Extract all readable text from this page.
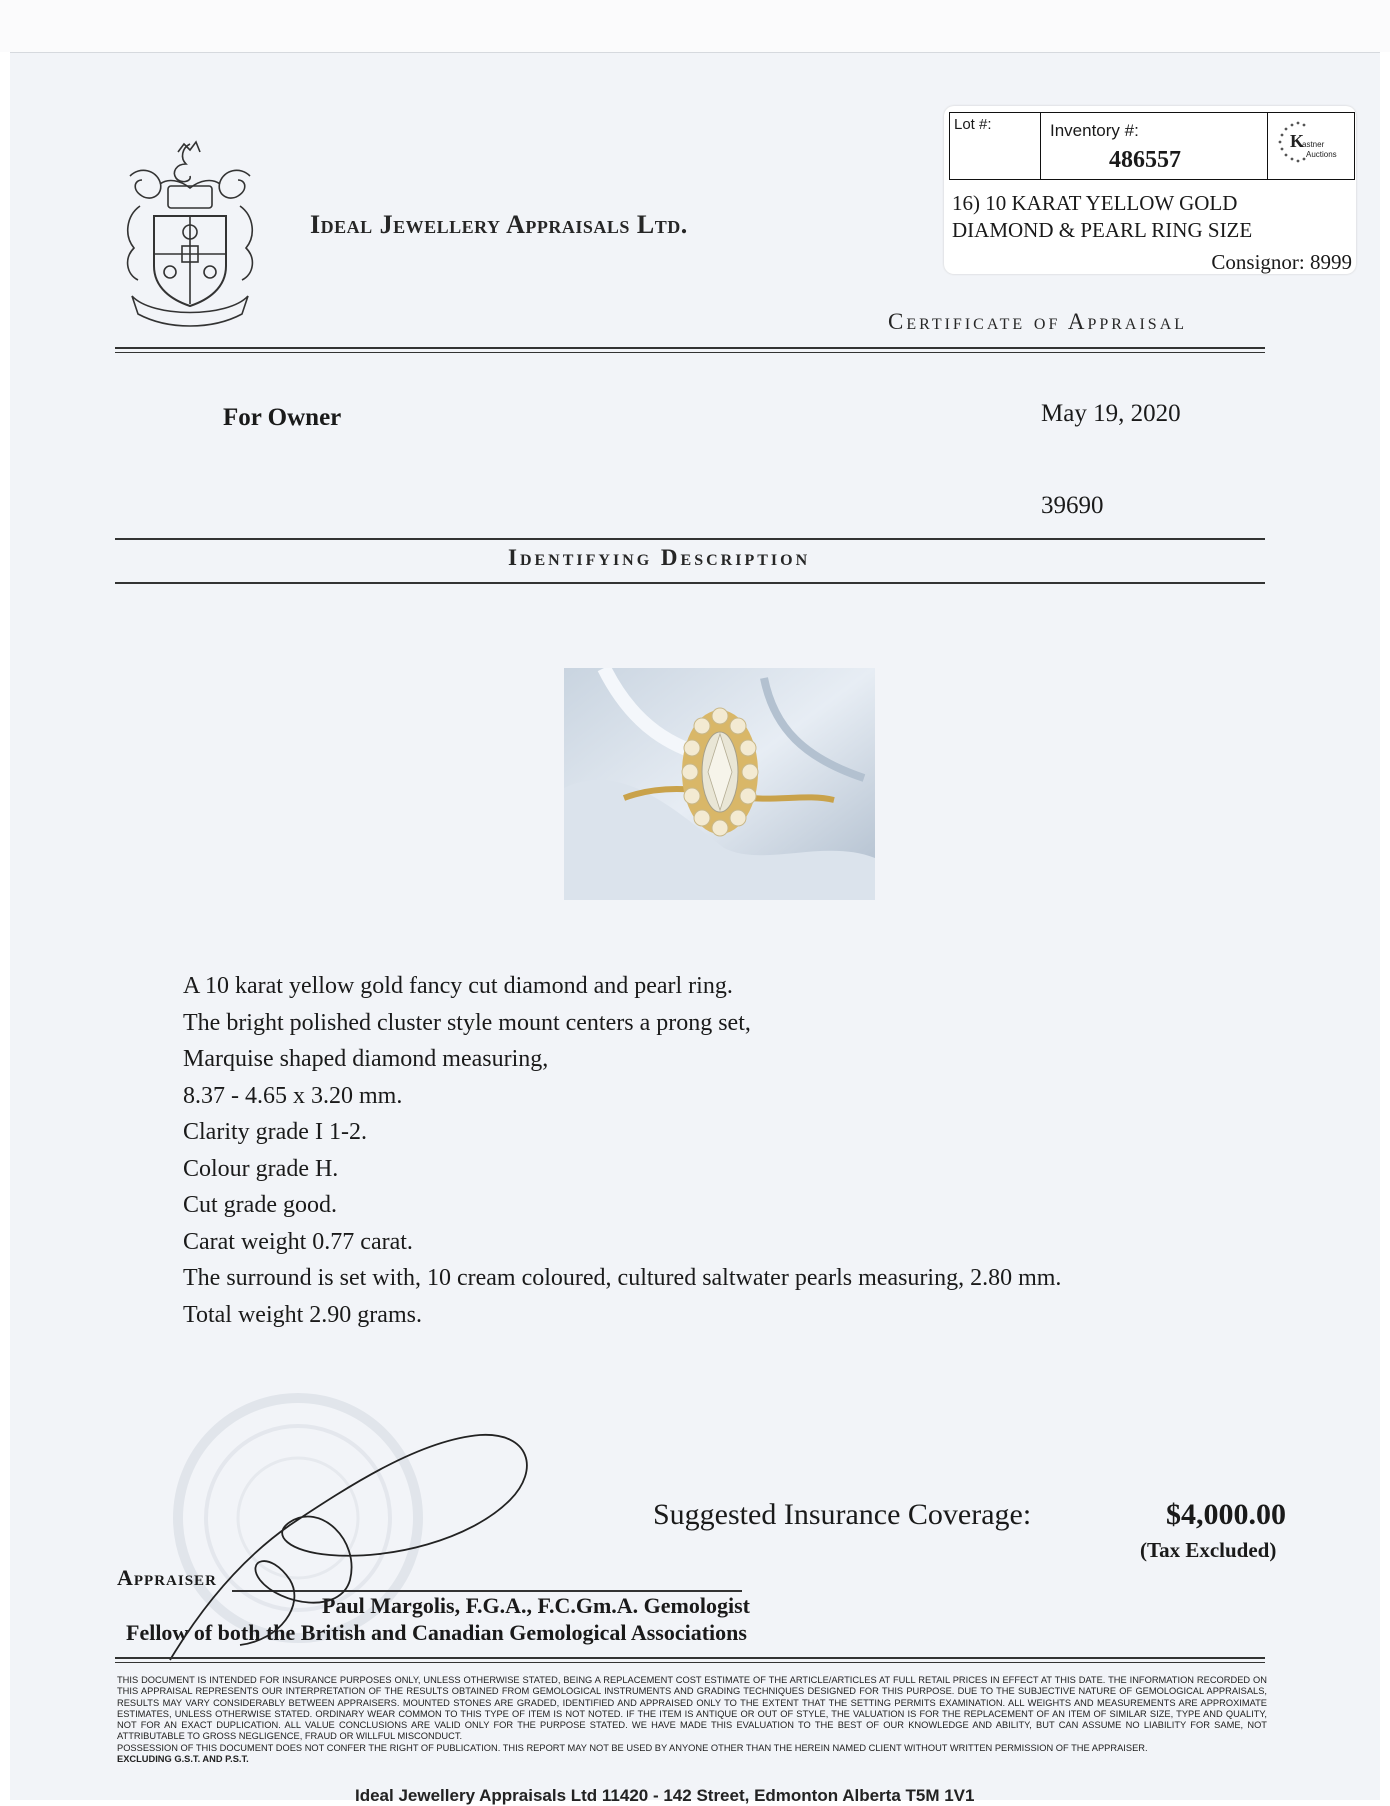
Ideal Jewellery Appraisals Ltd.
Lot #:	Inventory #:
486557
K
astner
Auctions
16) 10 KARAT YELLOW GOLD
DIAMOND & PEARL RING SIZE
Consignor: 8999
Certificate of Appraisal
For Owner	May 19, 2020
39690
Identifying Description
A 10 karat yellow gold fancy cut diamond and pearl ring.
The bright polished cluster style mount centers a prong set,
Marquise shaped diamond measuring,
8.37 - 4.65 x 3.20 mm.
Clarity grade I 1-2.
Colour grade H.
Cut grade good.
Carat weight 0.77 carat.
The surround is set with, 10 cream coloured, cultured saltwater pearls measuring, 2.80 mm.
Total weight 2.90 grams.
Suggested Insurance Coverage:	$4,000.00
(Tax Excluded)
Appraiser
Paul Margolis, F.G.A., F.C.Gm.A. Gemologist
Fellow of both the British and Canadian Gemological Associations
THIS DOCUMENT IS INTENDED FOR INSURANCE PURPOSES ONLY, UNLESS OTHERWISE STATED, BEING A REPLACEMENT COST ESTIMATE OF THE ARTICLE/ARTICLES AT FULL RETAIL PRICES IN EFFECT AT THIS DATE. THE INFORMATION RECORDED ON THIS APPRAISAL REPRESENTS OUR INTERPRETATION OF THE RESULTS OBTAINED FROM GEMOLOGICAL INSTRUMENTS AND GRADING TECHNIQUES DESIGNED FOR THIS PURPOSE. DUE TO THE SUBJECTIVE NATURE OF GEMOLOGICAL APPRAISALS, RESULTS MAY VARY CONSIDERABLY BETWEEN APPRAISERS. MOUNTED STONES ARE GRADED, IDENTIFIED AND APPRAISED ONLY TO THE EXTENT THAT THE SETTING PERMITS EXAMINATION. ALL WEIGHTS AND MEASUREMENTS ARE APPROXIMATE ESTIMATES, UNLESS OTHERWISE STATED. ORDINARY WEAR COMMON TO THIS TYPE OF ITEM IS NOT NOTED. IF THE ITEM IS ANTIQUE OR OUT OF STYLE, THE VALUATION IS FOR THE REPLACEMENT OF AN ITEM OF SIMILAR SIZE, TYPE AND QUALITY, NOT FOR AN EXACT DUPLICATION. ALL VALUE CONCLUSIONS ARE VALID ONLY FOR THE PURPOSE STATED. WE HAVE MADE THIS EVALUATION TO THE BEST OF OUR KNOWLEDGE AND ABILITY, BUT CAN ASSUME NO LIABILITY FOR SAME, NOT ATTRIBUTABLE TO GROSS NEGLIGENCE, FRAUD OR WILLFUL MISCONDUCT.
POSSESSION OF THIS DOCUMENT DOES NOT CONFER THE RIGHT OF PUBLICATION. THIS REPORT MAY NOT BE USED BY ANYONE OTHER THAN THE HEREIN NAMED CLIENT WITHOUT WRITTEN PERMISSION OF THE APPRAISER.
EXCLUDING G.S.T. AND P.S.T.
Ideal Jewellery Appraisals Ltd 11420 - 142 Street, Edmonton Alberta T5M 1V1
